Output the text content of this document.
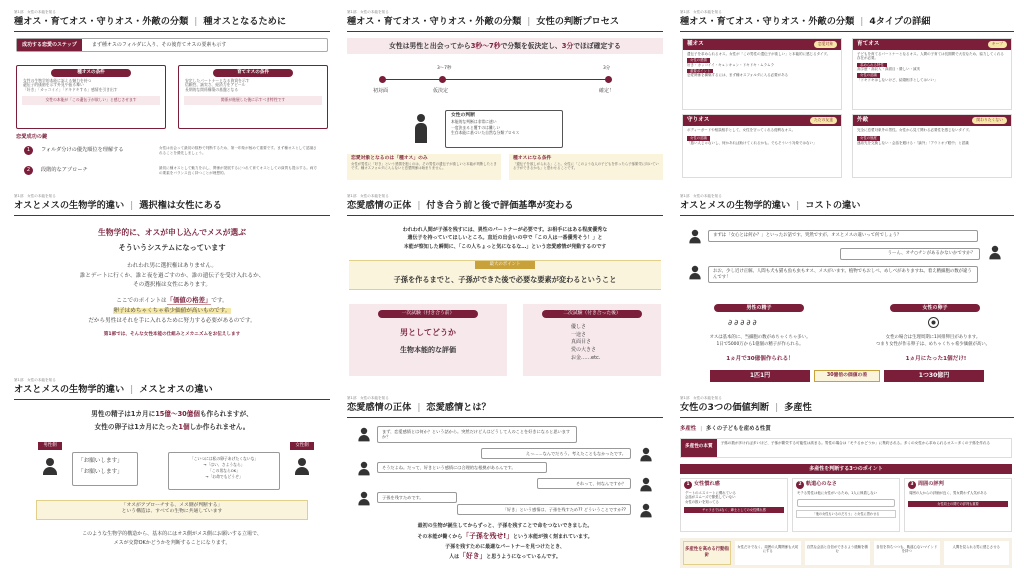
第1部　女性の本能を知る
種オス・育てオス・守りオス・外敵の分類 | 種オスとなるために
成功する恋愛のステップ	まず種オスのフォルダに入り、その後育てオスの要素も示す
種オスの条件
女性の生物学的本能に訴える魅力を持つ
遺伝子的価値を示す外見や振る舞い
「好き」「カッコイイ」「ドキドキする」感情を引き出す
女性の本能が「この遺伝子が欲しい」と感じさせます
育てオスの条件
安定したパートナーとなる資質を示す
信頼性、誠実さ、経済力をアピール
長期的な関係構築の基盤となる
関係が進展した後に示すべき特性です
恋愛成功の鍵
1	フォルダ分けの優先順位を理解する	女性は出会って最初の数秒で判断するため、第一印象が極めて重要です。まず種オスとして認識されることを優先しましょう。
2	段階的なアプローチ	最初に種オスとして魅力を示し、関係が発展するにつれて育てオスとしての資質も提示する。両方の要素をバランス良く持つことが理想的。
第1部　女性の本能を知る
オスとメスの生物学的違い | 選択権は女性にある
生物学的に、オスが申し込んでメスが選ぶ
そういうシステムになっています
われわれ男に選択権はありません。
誰とデートに行くか、誰と夜を過ごすのか、誰の遺伝子を受け入れるか、
その選択権は女性にあります。
ここでのポイントは「価値の格差」です。
卵子はめちゃくちゃ希少価値が高いものです。
だから男性はそれを手に入れるために努力する必要があるのです。
第1部では、そんな女性本能の仕組みとメカニズムをお伝えします
第1部　女性の本能を知る
オスとメスの生物学的違い | メスとオスの違い
男性の精子は1カ月に15億〜30億個も作られますが、
女性の卵子は1カ月にたった1個しか作られません。
男性側
「お願いします」
「お願いします」
「こいつには私の卵子あげたくないな」
→「はい、さようなら」
「この男ならOK」
→「お命でもどうぞ」
女性側
「オスがアプローチする、メス側が判断する」
という構造は、すべての生物に共通しています
このような生物学的構造から、基本的にはオス側がメス側にお願いする立場で、
メスが交際OKかどうかを判断することになります。
第1部　女性の本能を知る
種オス・育てオス・守りオス・外敵の分類 | 女性の判断プロセス
女性は男性と出会ってから3秒〜7秒で分類を仮決定し、3分でほぼ確定する
3〜7秒	3分
初対面	仮決定	確定！
女性の判断
本能的な判断は非常に速い
一度決まると覆すのは難しい
生存本能に基づいた自然な分類プロセス
恋愛対象となるのは「種オス」のみ
女性が男性に「好き」という感情を抱くのは、その男性の遺伝子が欲しいと本能が判断したときです。種オスフォルダに入らないと恋愛関係は始まりません。
種オスになる条件
「遺伝子を欲しがられる」こと。女性に「このような人の子どもを作ったら子孫繁栄に向いている子ができるかも」と思わせることです。
第1部　女性の本能を知る
恋愛感情の正体 | 付き合う前と後で評価基準が変わる
われわれ人間が子孫を残すには、異性のパートナーが必要です。お相手にはある程度優秀な
遺伝子を持っていてほしいところ。直近の出会いの中で「この人は一番優秀そう！」と
本能が察知した瞬間に、「この人ちょっと気になるな…」という恋愛感情が発動するのです
最大のポイント
子孫を作るまでと、子孫ができた後で必要な要素が変わるということ
一次試験（付き合う前）
男としてどうか
生物本能的な評価
二次試験（付き合った後）
優しさ
一途さ
真面目さ
愛の大きさ
お金……etc.
第1部　女性の本能を知る
恋愛感情の正体 | 恋愛感情とは？
まず、恋愛感情とは何か？という話から。突然だけど人はどうして人のことを好きになると思いますか？
えっ……なんでだろう。考えたこともなかったです。
そうだよね。だって、好きという感情には合理的な根拠があるんです。
それって、何なんですか？
子孫を残すためです。
「好き」という感情は、子孫を残すため?? どういうことですか??
最初の生物が誕生してからずっと、子孫を残すことで命をつないできました。
その本能が働くから「子孫を残せ!」という本能が強く刻まれています。
子孫を残すために最適なパートナーを見つけたとき、
人は「好き」と思うようになっているんです。
第1部　女性の本能を知る
種オス・育てオス・守りオス・外敵の分類 | 4タイプの詳細
種オス	恋愛対象
遺伝子を求められるオス。女性が「この男性の遺伝子が欲しい」と本能的に感じるタイプ。
女性の感情
好き・カッコイイ・キュンキュン・ドキドキ・ムラムラ
重要ポイント
恋愛関係を構築するには、まず種オスフォルダに入る必要がある
育てオス	キープ
子どもを育てるパートナーとなるオス。人間の子育ては長期間で大変なため、協力してくれる存在が必要。
求められる特性
高学歴・高収入・真面目・優しい・誠実
女性の認識
「ドキドキはしないけど、結婚相手としてはいい」
守りオス	ただの友達
ボディーガードや相談相手として、女性を守ってくれる便利なオス。
女性の認識
「悪い人じゃないし、何かあれば助けてくれるかも。でもそういう対象ではない」
外敵	関わりたくない
完全に恋愛対象外の男性。女性から見て関わる必要性を感じないタイプ。
女性の態度
連絡先を交換しない・会話を避ける・「論外」「アウトオブ眼中」と認識
第1部　女性の本能を知る
オスとメスの生物学的違い | コストの違い
まずは「女心とは何か？」といったお話です。突然ですが、オスとメスの違いって何でしょう？
うーん、オチ○チンがあるかないかですか？
おお、少し近け正解。人間も犬も猫も魚も虫もオス、メスがいます。植物でもおしべ、めしべがありますね。着え精細胞の数が違うんです！
男性の精子	女性の卵子
∂∂∂∂∂
オスは基本的に、当細胞の数がめちゃくちゃ多い。
1日で5000万から1億個の精子が作られる。
女性の場合は生理周期に1回排卵目があります。
つまり女性が作る卵子は、めちゃくちゃ希少価値が高い。
1ヵ月で30億個作られる！	1ヵ月にたった1個だけ!
1匹1円	30億倍の価値の差	1つ30億円
第1部　女性の本能を知る
女性の3つの価値判断 | 多産性
多産性 | 多くの子どもを産める性質
多産性の本質
子孫の数が多ければ多いほど、子孫が繁栄する可能性は高まる。男性の場合は「モテるかどうか」に集約される。多くの女性から求められるオス＝多くの子孫を作れる
多産性を判断する3つのポイント
1 女性慣れ感
デートのエスコートに慣れている
会話がスムーズで緊張していない
女性の扱いを知ってる
チャラさではなく、紳士としての女性慣れ感
2 軌道心のなさ
モテる男性は他に女性がいるため、1人に執着しない
「他の女性もいるのだろう」と女性に思わせる
3 周囲の評判
周囲の人からの評価が良く、男女問わず人気がある
女性同士の間での評判も重要
多産性を高める行動指針
女性だけでなく、周囲の人間関係も大切にする
自然な会話と自信ができるよう経験を積む
自信を持ちつつも、軌道心ないマインドを持つ
人間を見られる男に感じさせる
